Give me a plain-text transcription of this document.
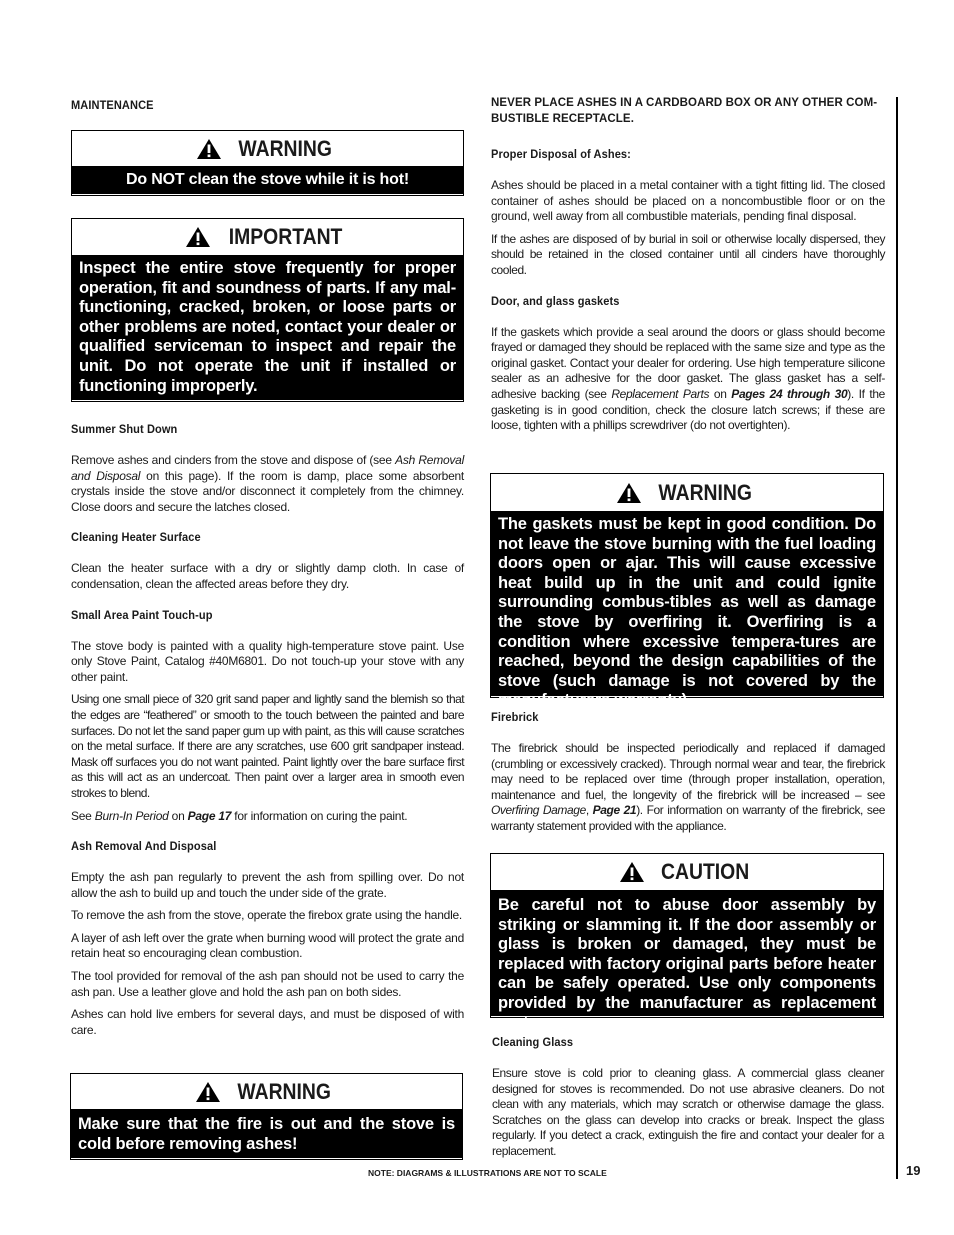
MAINTENANCE
WARNING
Do NOT clean the stove while it is hot!
IMPORTANT
Inspect the entire stove frequently for proper operation, fit and soundness of parts. If any mal-functioning, cracked, broken, or loose parts or other problems are noted, contact your dealer or qualified serviceman to inspect and repair the unit. Do not operate the unit if installed or functioning improperly.
Summer Shut Down

Remove ashes and cinders from the stove and dispose of (see Ash Removal and Disposal on this page). If the room is damp, place some absorbent crystals inside the stove and/or disconnect it completely from the chimney. Close doors and secure the latches closed.

Cleaning Heater Surface

Clean the heater surface with a dry or slightly damp cloth. In case of condensation, clean the affected areas before they dry.

Small Area Paint Touch-up

The stove body is painted with a quality high-temperature stove paint. Use only Stove Paint, Catalog #40M6801. Do not touch-up your stove with any other paint.

Using one small piece of 320 grit sand paper and lightly sand the blemish so that the edges are “feathered” or smooth to the touch between the painted and bare surfaces. Do not let the sand paper gum up with paint, as this will cause scratches on the metal surface. If there are any scratches, use 600 grit sandpaper instead. Mask off surfaces you do not want painted. Paint lightly over the bare surface first as this will act as an undercoat. Then paint over a larger area in smooth even strokes to blend.

See Burn-In Period on Page 17 for information on curing the paint.

Ash Removal And Disposal

Empty the ash pan regularly to prevent the ash from spilling over. Do not allow the ash to build up and touch the under side of the grate.

To remove the ash from the stove, operate the firebox grate using the handle.

A layer of ash left over the grate when burning wood will protect the grate and retain heat so encouraging clean combustion.

The tool provided for removal of the ash pan should not be used to carry the ash pan. Use a leather glove and hold the ash pan on both sides.

Ashes can hold live embers for several days, and must be disposed of with care.

WARNING
Make sure that the fire is out and the stove is cold before removing ashes!

NEVER PLACE ASHES IN A CARDBOARD BOX OR ANY OTHER COM-BUSTIBLE RECEPTACLE.

Proper Disposal of Ashes:

Ashes should be placed in a metal container with a tight fitting lid. The closed container of ashes should be placed on a noncombustible floor or on the ground, well away from all combustible materials, pending final disposal.

If the ashes are disposed of by burial in soil or otherwise locally dispersed, they should be retained in the closed container until all cinders have thoroughly cooled.

Door, and glass gaskets

If the gaskets which provide a seal around the doors or glass should become frayed or damaged they should be replaced with the same size and type as the original gasket. Contact your dealer for ordering. Use high temperature silicone sealer as an adhesive for the door gasket. The glass gasket has a self-adhesive backing (see Replacement Parts on Pages 24 through 30). If the gasketing is in good condition, check the closure latch screws; if these are loose, tighten with a phillips screwdriver (do not overtighten).

WARNING
The gaskets must be kept in good condition. Do not leave the stove burning with the fuel loading doors open or ajar. This will cause excessive heat build up in the unit and could ignite surrounding combus-tibles as well as damage the stove by overfiring it. Overfiring is a condition where excessive tempera-tures are reached, beyond the design capabilities of the stove (such damage is not covered by the manufacturers warranty).
Firebrick

The firebrick should be inspected periodically and replaced if damaged (crumbling or excessively cracked). Through normal wear and tear, the firebrick may need to be replaced over time (through proper installation, operation, maintenance and fuel, the longevity of the firebrick will be increased – see Overfiring Damage, Page 21). For information on warranty of the firebrick, see warranty statement provided with the appliance.

CAUTION
Be careful not to abuse door assembly by striking or slamming it. If the door assembly or glass is broken or damaged, they must be replaced with factory original parts before heater can be safely operated. Use only components provided by the manufacturer as replacement parts.
Cleaning Glass

Ensure stove is cold prior to cleaning glass. A commercial glass cleaner designed for stoves is recommended. Do not use abrasive cleaners. Do not clean with any materials, which may scratch or otherwise damage the glass. Scratches on the glass can develop into cracks or break. Inspect the glass regularly. If you detect a crack, extinguish the fire and contact your dealer for a replacement.

NOTE: DIAGRAMS & ILLUSTRATIONS ARE NOT TO SCALE	19
